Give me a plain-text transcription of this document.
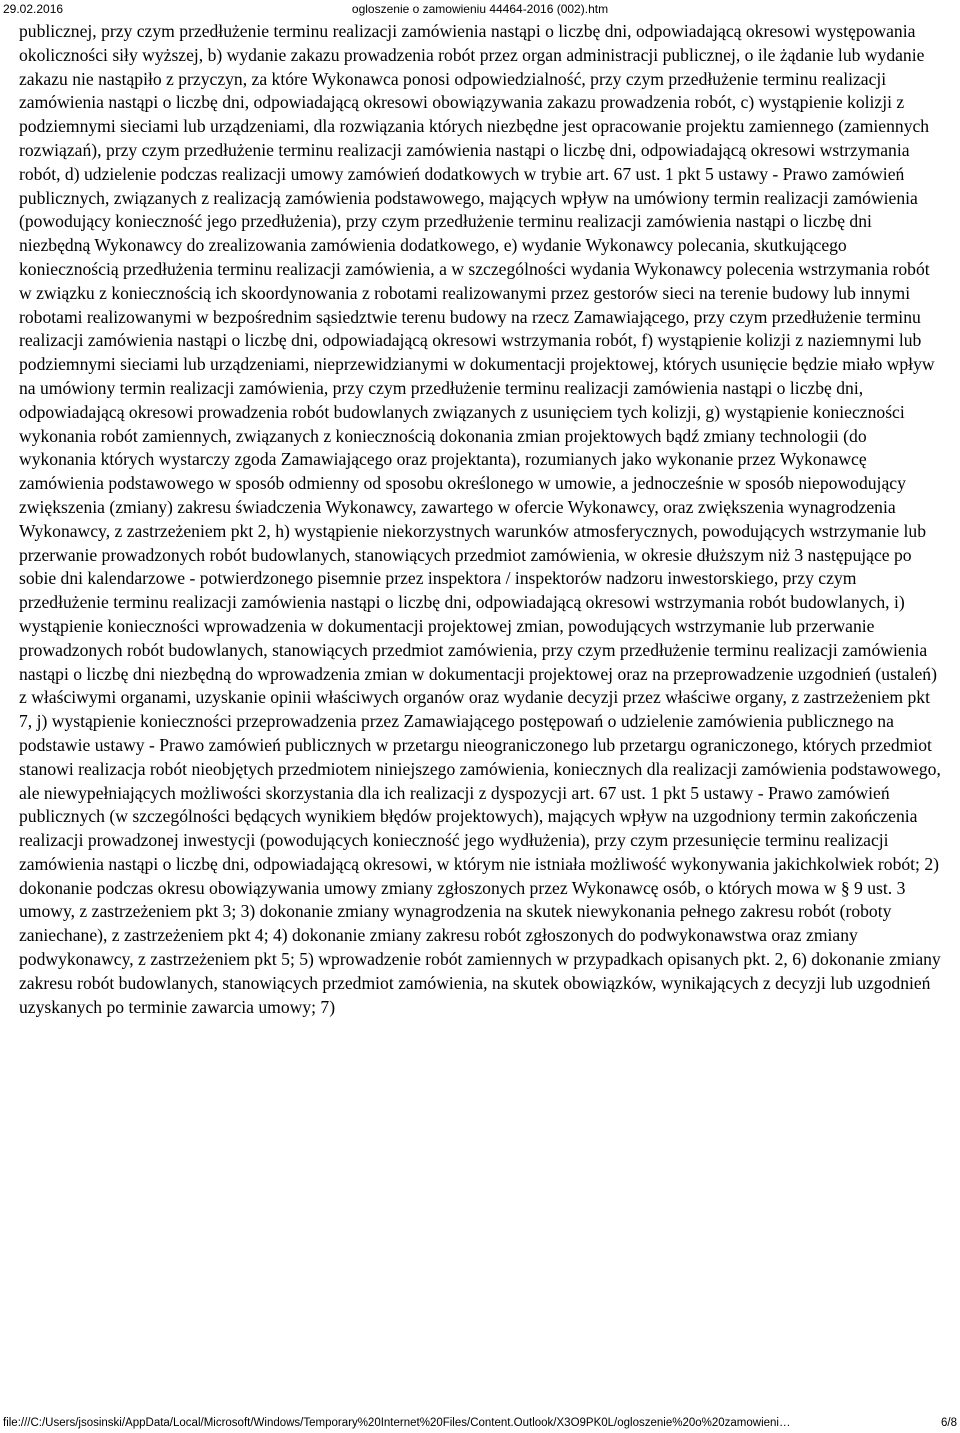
29.02.2016	ogloszenie o zamowieniu 44464-2016 (002).htm

publicznej, przy czym przedłużenie terminu realizacji zamówienia nastąpi o liczbę dni, odpowiadającą okresowi występowania okoliczności siły wyższej, b) wydanie zakazu prowadzenia robót przez organ administracji publicznej, o ile żądanie lub wydanie zakazu nie nastąpiło z przyczyn, za które Wykonawca ponosi odpowiedzialność, przy czym przedłużenie terminu realizacji zamówienia nastąpi o liczbę dni, odpowiadającą okresowi obowiązywania zakazu prowadzenia robót, c) wystąpienie kolizji z podziemnymi sieciami lub urządzeniami, dla rozwiązania których niezbędne jest opracowanie projektu zamiennego (zamiennych rozwiązań), przy czym przedłużenie terminu realizacji zamówienia nastąpi o liczbę dni, odpowiadającą okresowi wstrzymania robót, d) udzielenie podczas realizacji umowy zamówień dodatkowych w trybie art. 67 ust. 1 pkt 5 ustawy - Prawo zamówień publicznych, związanych z realizacją zamówienia podstawowego, mających wpływ na umówiony termin realizacji zamówienia (powodujący konieczność jego przedłużenia), przy czym przedłużenie terminu realizacji zamówienia nastąpi o liczbę dni niezbędną Wykonawcy do zrealizowania zamówienia dodatkowego, e) wydanie Wykonawcy polecania, skutkującego koniecznością przedłużenia terminu realizacji zamówienia, a w szczególności wydania Wykonawcy polecenia wstrzymania robót w związku z koniecznością ich skoordynowania z robotami realizowanymi przez gestorów sieci na terenie budowy lub innymi robotami realizowanymi w bezpośrednim sąsiedztwie terenu budowy na rzecz Zamawiającego, przy czym przedłużenie terminu realizacji zamówienia nastąpi o liczbę dni, odpowiadającą okresowi wstrzymania robót, f) wystąpienie kolizji z naziemnymi lub podziemnymi sieciami lub urządzeniami, nieprzewidzianymi w dokumentacji projektowej, których usunięcie będzie miało wpływ na umówiony termin realizacji zamówienia, przy czym przedłużenie terminu realizacji zamówienia nastąpi o liczbę dni, odpowiadającą okresowi prowadzenia robót budowlanych związanych z usunięciem tych kolizji, g) wystąpienie konieczności wykonania robót zamiennych, związanych z koniecznością dokonania zmian projektowych bądź zmiany technologii (do wykonania których wystarczy zgoda Zamawiającego oraz projektanta), rozumianych jako wykonanie przez Wykonawcę zamówienia podstawowego w sposób odmienny od sposobu określonego w umowie, a jednocześnie w sposób niepowodujący zwiększenia (zmiany) zakresu świadczenia Wykonawcy, zawartego w ofercie Wykonawcy, oraz zwiększenia wynagrodzenia Wykonawcy, z zastrzeżeniem pkt 2, h) wystąpienie niekorzystnych warunków atmosferycznych, powodujących wstrzymanie lub przerwanie prowadzonych robót budowlanych, stanowiących przedmiot zamówienia, w okresie dłuższym niż 3 następujące po sobie dni kalendarzowe - potwierdzonego pisemnie przez inspektora / inspektorów nadzoru inwestorskiego, przy czym przedłużenie terminu realizacji zamówienia nastąpi o liczbę dni, odpowiadającą okresowi wstrzymania robót budowlanych, i) wystąpienie konieczności wprowadzenia w dokumentacji projektowej zmian, powodujących wstrzymanie lub przerwanie prowadzonych robót budowlanych, stanowiących przedmiot zamówienia, przy czym przedłużenie terminu realizacji zamówienia nastąpi o liczbę dni niezbędną do wprowadzenia zmian w dokumentacji projektowej oraz na przeprowadzenie uzgodnień (ustaleń) z właściwymi organami, uzyskanie opinii właściwych organów oraz wydanie decyzji przez właściwe organy, z zastrzeżeniem pkt 7, j) wystąpienie konieczności przeprowadzenia przez Zamawiającego postępowań o udzielenie zamówienia publicznego na podstawie ustawy - Prawo zamówień publicznych w przetargu nieograniczonego lub przetargu ograniczonego, których przedmiot stanowi realizacja robót nieobjętych przedmiotem niniejszego zamówienia, koniecznych dla realizacji zamówienia podstawowego, ale niewypełniających możliwości skorzystania dla ich realizacji z dyspozycji art. 67 ust. 1 pkt 5 ustawy - Prawo zamówień publicznych (w szczególności będących wynikiem błędów projektowych), mających wpływ na uzgodniony termin zakończenia realizacji prowadzonej inwestycji (powodujących konieczność jego wydłużenia), przy czym przesunięcie terminu realizacji zamówienia nastąpi o liczbę dni, odpowiadającą okresowi, w którym nie istniała możliwość wykonywania jakichkolwiek robót; 2) dokonanie podczas okresu obowiązywania umowy zmiany zgłoszonych przez Wykonawcę osób, o których mowa w § 9 ust. 3 umowy, z zastrzeżeniem pkt 3; 3) dokonanie zmiany wynagrodzenia na skutek niewykonania pełnego zakresu robót (roboty zaniechane), z zastrzeżeniem pkt 4; 4) dokonanie zmiany zakresu robót zgłoszonych do podwykonawstwa oraz zmiany podwykonawcy, z zastrzeżeniem pkt 5; 5) wprowadzenie robót zamiennych w przypadkach opisanych pkt. 2, 6) dokonanie zmiany zakresu robót budowlanych, stanowiących przedmiot zamówienia, na skutek obowiązków, wynikających z decyzji lub uzgodnień uzyskanych po terminie zawarcia umowy; 7)

file:///C:/Users/jsosinski/AppData/Local/Microsoft/Windows/Temporary%20Internet%20Files/Content.Outlook/X3O9PK0L/ogloszenie%20o%20zamowieni…	6/8
